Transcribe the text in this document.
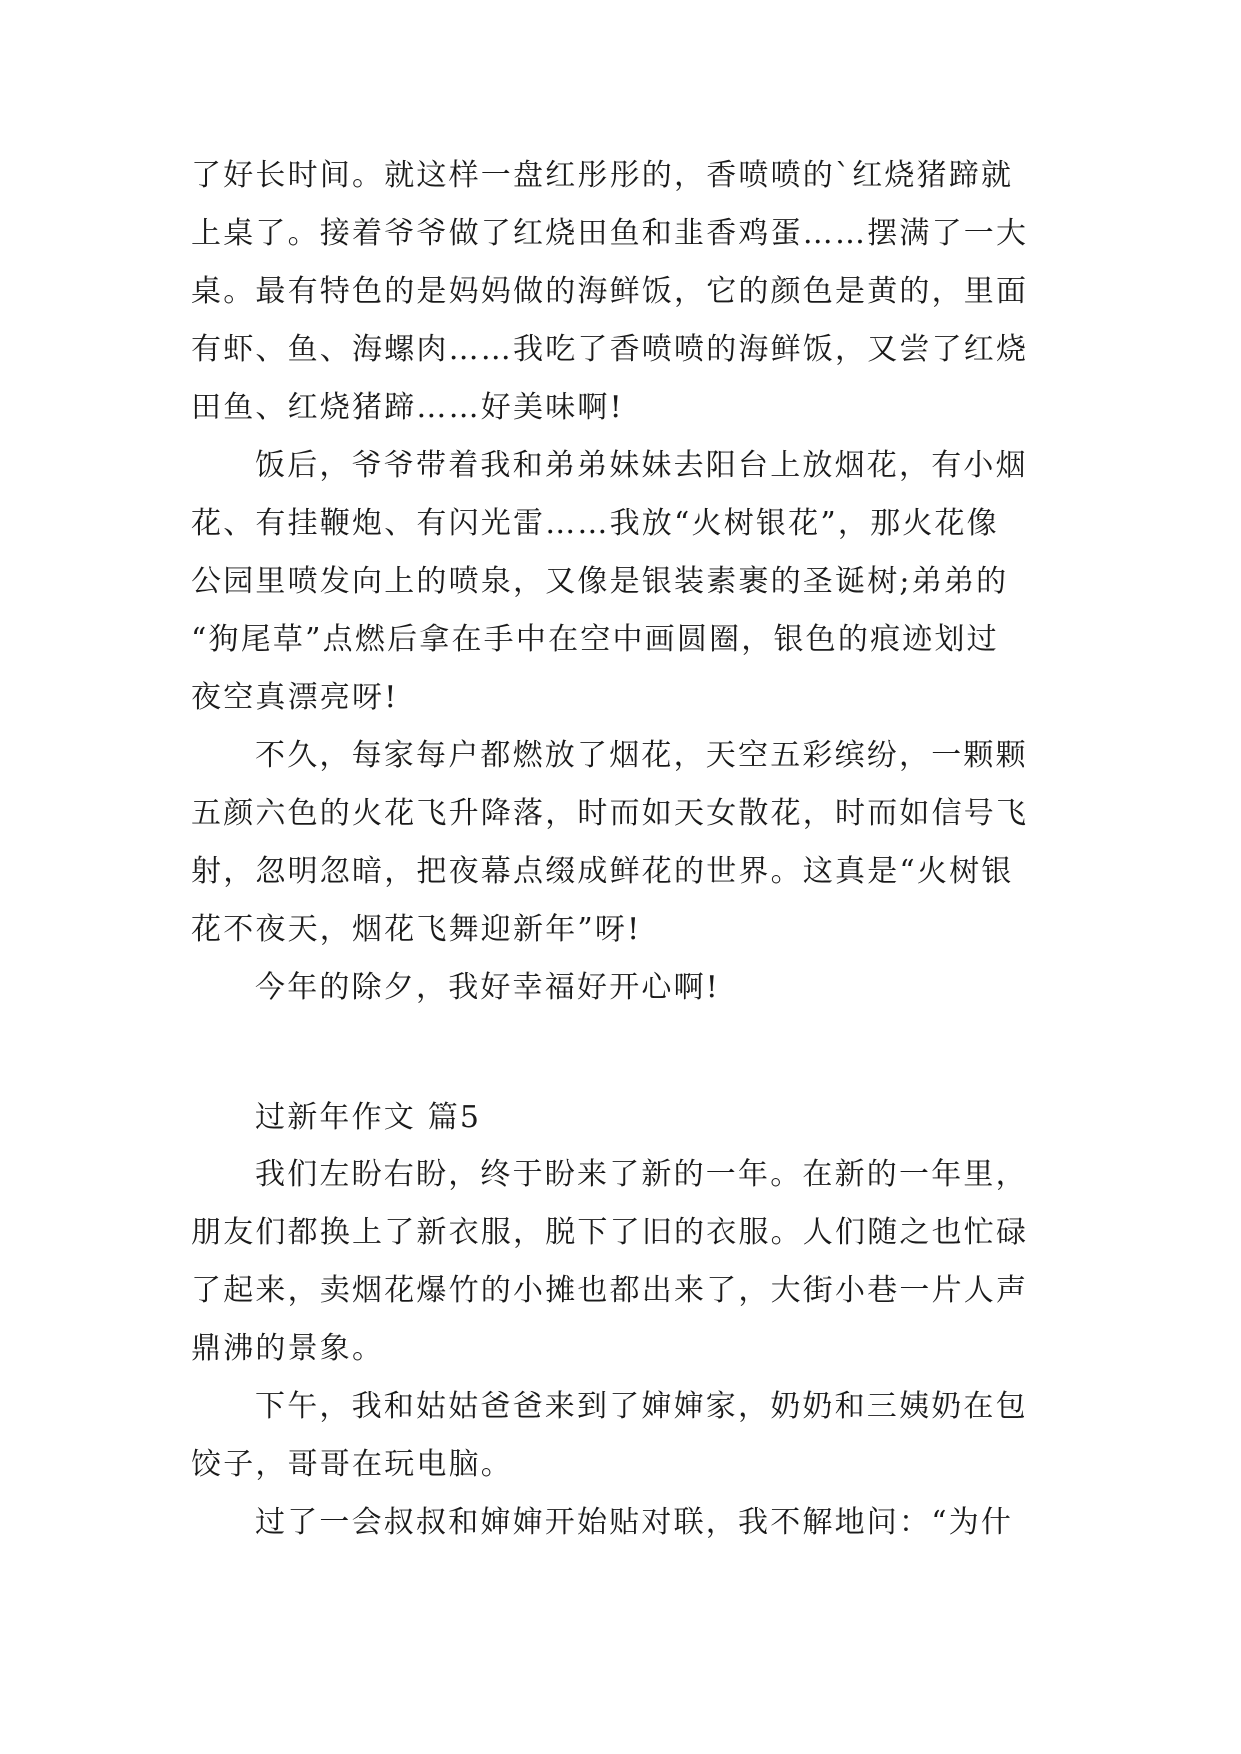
了好长时间。就这样一盘红彤彤的，香喷喷的`红烧猪蹄就
上桌了。接着爷爷做了红烧田鱼和韭香鸡蛋……摆满了一大
桌。最有特色的是妈妈做的海鲜饭，它的颜色是黄的，里面
有虾、鱼、海螺肉……我吃了香喷喷的海鲜饭，又尝了红烧
田鱼、红烧猪蹄……好美味啊!
饭后，爷爷带着我和弟弟妹妹去阳台上放烟花，有小烟
花、有挂鞭炮、有闪光雷……我放“火树银花”，那火花像
公园里喷发向上的喷泉，又像是银装素裹的圣诞树;弟弟的
“狗尾草”点燃后拿在手中在空中画圆圈，银色的痕迹划过
夜空真漂亮呀!
不久，每家每户都燃放了烟花，天空五彩缤纷，一颗颗
五颜六色的火花飞升降落，时而如天女散花，时而如信号飞
射，忽明忽暗，把夜幕点缀成鲜花的世界。这真是“火树银
花不夜天，烟花飞舞迎新年”呀!
今年的除夕，我好幸福好开心啊!
过新年作文 篇5
我们左盼右盼，终于盼来了新的一年。在新的一年里，
朋友们都换上了新衣服，脱下了旧的衣服。人们随之也忙碌
了起来，卖烟花爆竹的小摊也都出来了，大街小巷一片人声
鼎沸的景象。
下午，我和姑姑爸爸来到了婶婶家，奶奶和三姨奶在包
饺子，哥哥在玩电脑。
过了一会叔叔和婶婶开始贴对联，我不解地问：“为什
